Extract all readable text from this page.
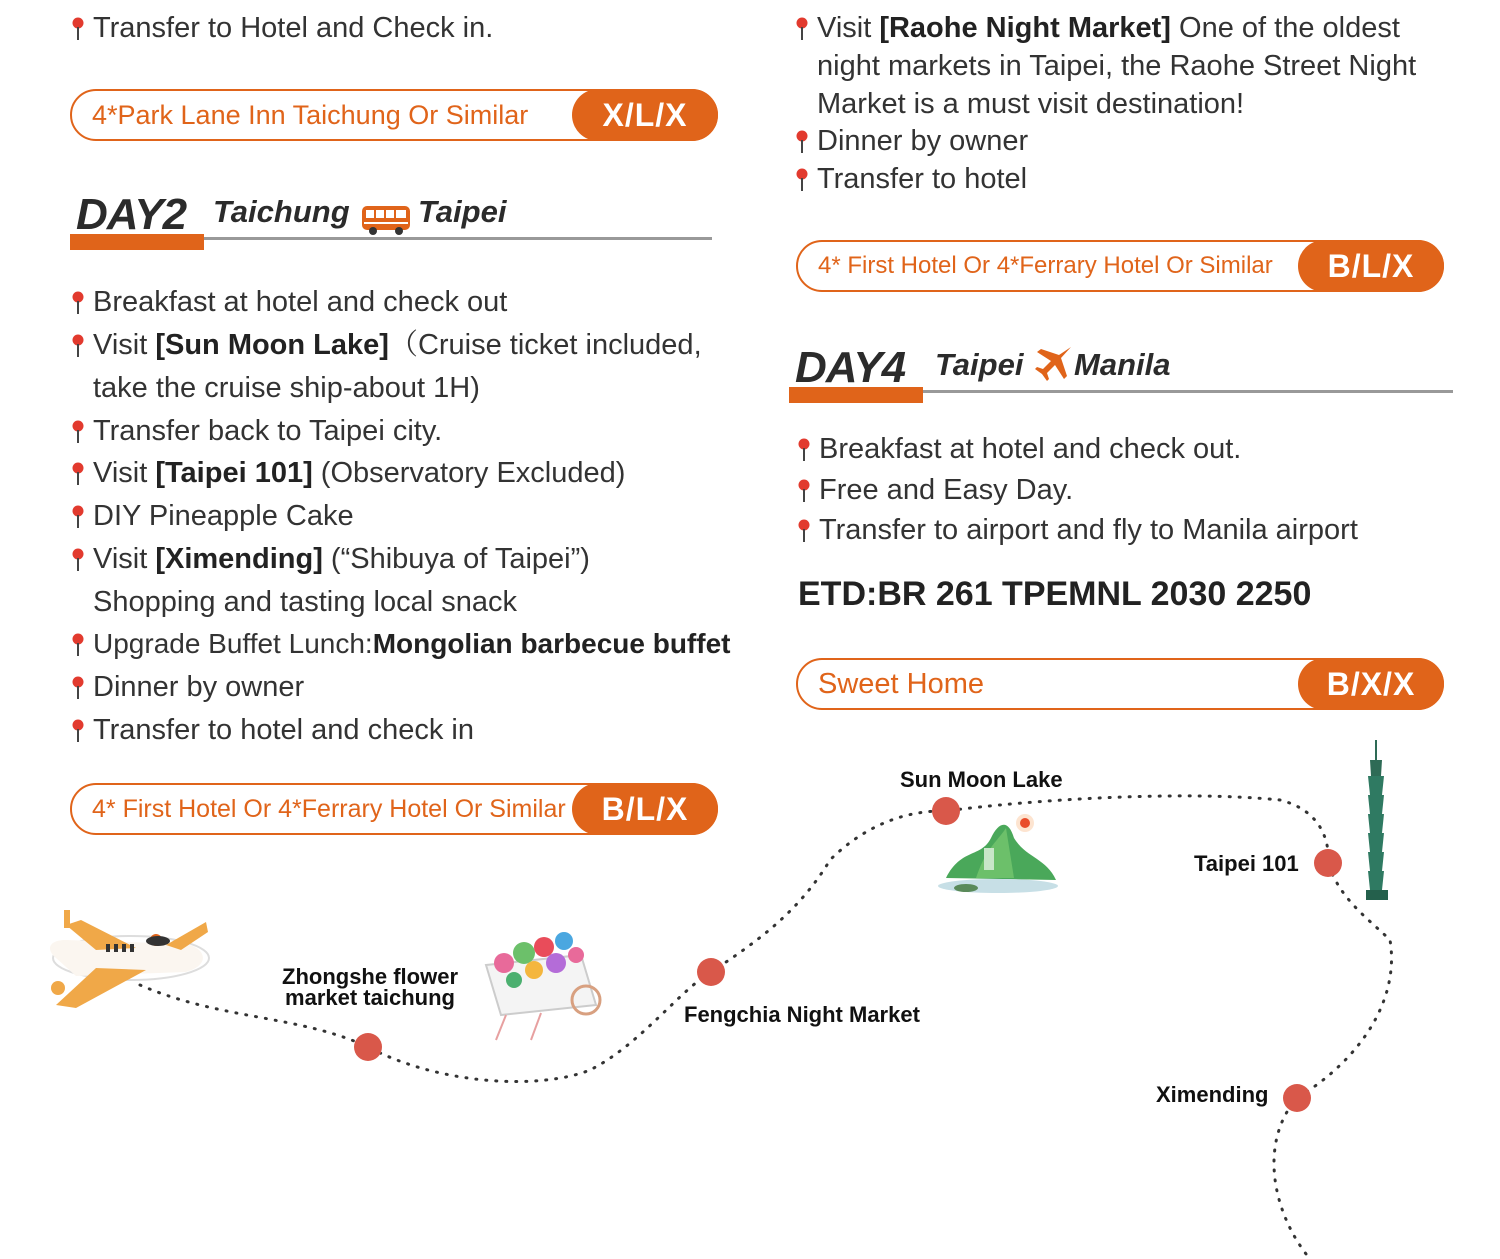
Transfer to Hotel and Check in.
4*Park Lane Inn Taichung Or Similar	X/L/X
DAY2 Taichung Taipei
Breakfast at hotel and check out
Visit [Sun Moon Lake]（Cruise ticket included,
take the cruise ship-about 1H)
Transfer back to Taipei city.
Visit [Taipei 101] (Observatory Excluded)
DIY Pineapple Cake
Visit [Ximending] (“Shibuya of Taipei”)
Shopping and tasting local snack
Upgrade Buffet Lunch:Mongolian barbecue buffet
Dinner by owner
Transfer to hotel and check in
4* First Hotel Or 4*Ferrary Hotel Or Similar	B/L/X
Visit [Raohe Night Market] One of the oldest
night markets in Taipei, the Raohe Street Night
Market is a must visit destination!
Dinner by owner
Transfer to hotel
4* First Hotel Or 4*Ferrary Hotel Or Similar	B/L/X
DAY4 Taipei Manila
Breakfast at hotel and check out.
Free and Easy Day.
Transfer to airport and fly to Manila airport
ETD:BR 261 TPEMNL 2030 2250
Sweet Home	B/X/X
Zhongshe flower
market taichung
Fengchia Night Market
Sun Moon Lake
Taipei 101
Ximending
